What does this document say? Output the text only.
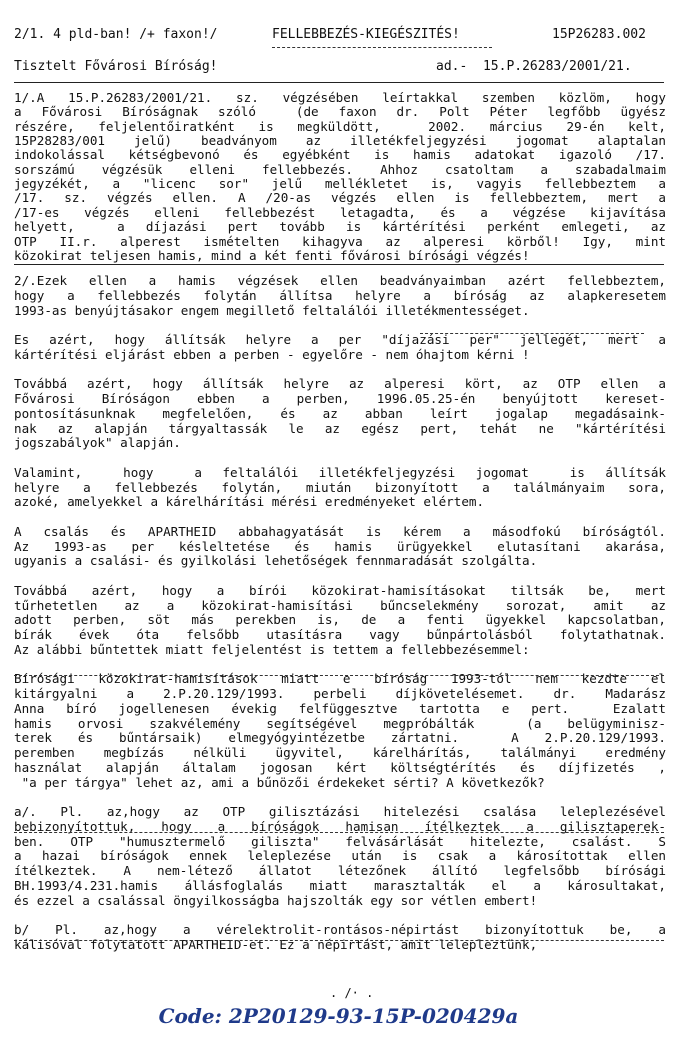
2/1. 4 pld-ban! /+ faxon!/	FELLEBBEZÉS-KIEGÉSZITÉS!	15P26283.002
Tisztelt Fővárosi Bíróság!	ad.-  15.P.26283/2001/21.
1/.A 15.P.26283/2001/21. sz. végzésében leírtakkal szemben közlöm, hogy
a Fővárosi Bíróságnak szóló  (de faxon dr. Polt Péter legfőbb ügyész
részére, feljelentőiratként is megküldött,  2002. március 29-én kelt,
15P28283/001 jelű) beadványom az illetékfeljegyzési jogomat alaptalan
indokolással kétségbevonó és egyébként is hamis adatokat igazoló /17.
sorszámú végzésük elleni fellebbezés. Ahhoz csatoltam a szabadalmaim
jegyzékét, a "licenc sor" jelű mellékletet is, vagyis fellebbeztem a
/17. sz. végzés ellen. A /20-as végzés ellen is fellebbeztem, mert a
/17-es végzés elleni fellebbezést letagadta, és a végzése kijavítása
helyett,  a díjazási pert tovább is kártérítési perként emlegeti, az
OTP II.r. alperest ismételten kihagyva az alperesi körből! Igy, mint
közokirat teljesen hamis, mind a két fenti fővárosi bírósági végzés!
2/.Ezek ellen a hamis végzések ellen beadványaimban azért fellebbeztem,
hogy a fellebbezés folytán állítsa helyre a bíróság az alapkeresetem
1993-as benyújtásakor engem megillető feltalálói illetékmentességet.
Es azért, hogy állítsák helyre a per "díjazási per" jellegét, mert a
kártérítési eljárást ebben a perben - egyelőre - nem óhajtom kérni !
Továbbá azért, hogy állítsák helyre az alperesi kört, az OTP ellen a
Fővárosi Bíróságon ebben a perben, 1996.05.25-én benyújtott kereset-
pontosításunknak megfelelően, és az abban leírt jogalap megadásaink-
nak az alapján tárgyaltassák le az egész pert, tehát ne "kártérítési
jogszabályok" alapján.
Valamint,  hogy  a feltalálói illetékfeljegyzési jogomat  is állítsák
helyre a fellebbezés folytán, miután bizonyított a találmányaim sora,
azoké, amelyekkel a kárelhárítási mérési eredményeket elértem.
A csalás és APARTHEID abbahagyatását is kérem a másodfokú bíróságtól.
Az 1993-as per késleltetése és hamis ürügyekkel elutasítani akarása,
ugyanis a csalási- és gyilkolási lehetőségek fennmaradását szolgálta.
Továbbá azért, hogy a bírói közokirat-hamisításokat tiltsák be, mert
tűrhetetlen az a közokirat-hamisítási bűncselekmény sorozat, amit az
adott perben, söt más perekben is, de a fenti ügyekkel kapcsolatban,
bírák évek óta felsőbb utasításra vagy bűnpártolásból folytathatnak.
Az alábbi bűntettek miatt feljelentést is tettem a fellebbezésemmel:
Bírósági közokirat-hamisítások miatt e bíróság 1993-tól nem kezdte el
kitárgyalni a 2.P.20.129/1993. perbeli díjkövetelésemet. dr. Madarász
Anna bíró jogellenesen évekig felfüggesztve tartotta e pert.  Ezalatt
hamis orvosi szakvélemény segítségével megpróbálták  (a belügyminisz-
terek és bűntársaik) elmegyógyintézetbe zártatni.  A 2.P.20.129/1993.
peremben megbízás nélküli ügyvitel, kárelhárítás, találmányi eredmény
használat alapján általam jogosan kért költségtérítés és díjfizetés ,
"a per tárgya" lehet az, ami a bűnözői érdekeket sérti? A következők?
a/. Pl. az,hogy az OTP gilisztázási hitelezési csalása leleplezésével
bebizonyítottuk, hogy a bíróságok hamisan ítélkeztek a gilisztaperek-
ben. OTP "humusztermelő giliszta" felvásárlását hitelezte, csalást. S
a hazai bíróságok ennek leleplezése után is csak a károsítottak ellen
ítélkeztek. A nem-létező állatot létezőnek állító legfelsőbb bírósági
BH.1993/4.231.hamis állásfoglalás miatt marasztalták el a károsultakat,
és ezzel a csalással öngyilkosságba hajszolták egy sor vétlen embert!
b/ Pl. az,hogy a vérelektrolit-rontásos-népirtást bizonyítottuk be, a
kálisóval folytatott APARTHEID-et. Ez a népirtást, amit lelepleztünk,
. /· .
Code: 2P20129-93-15P-020429a
